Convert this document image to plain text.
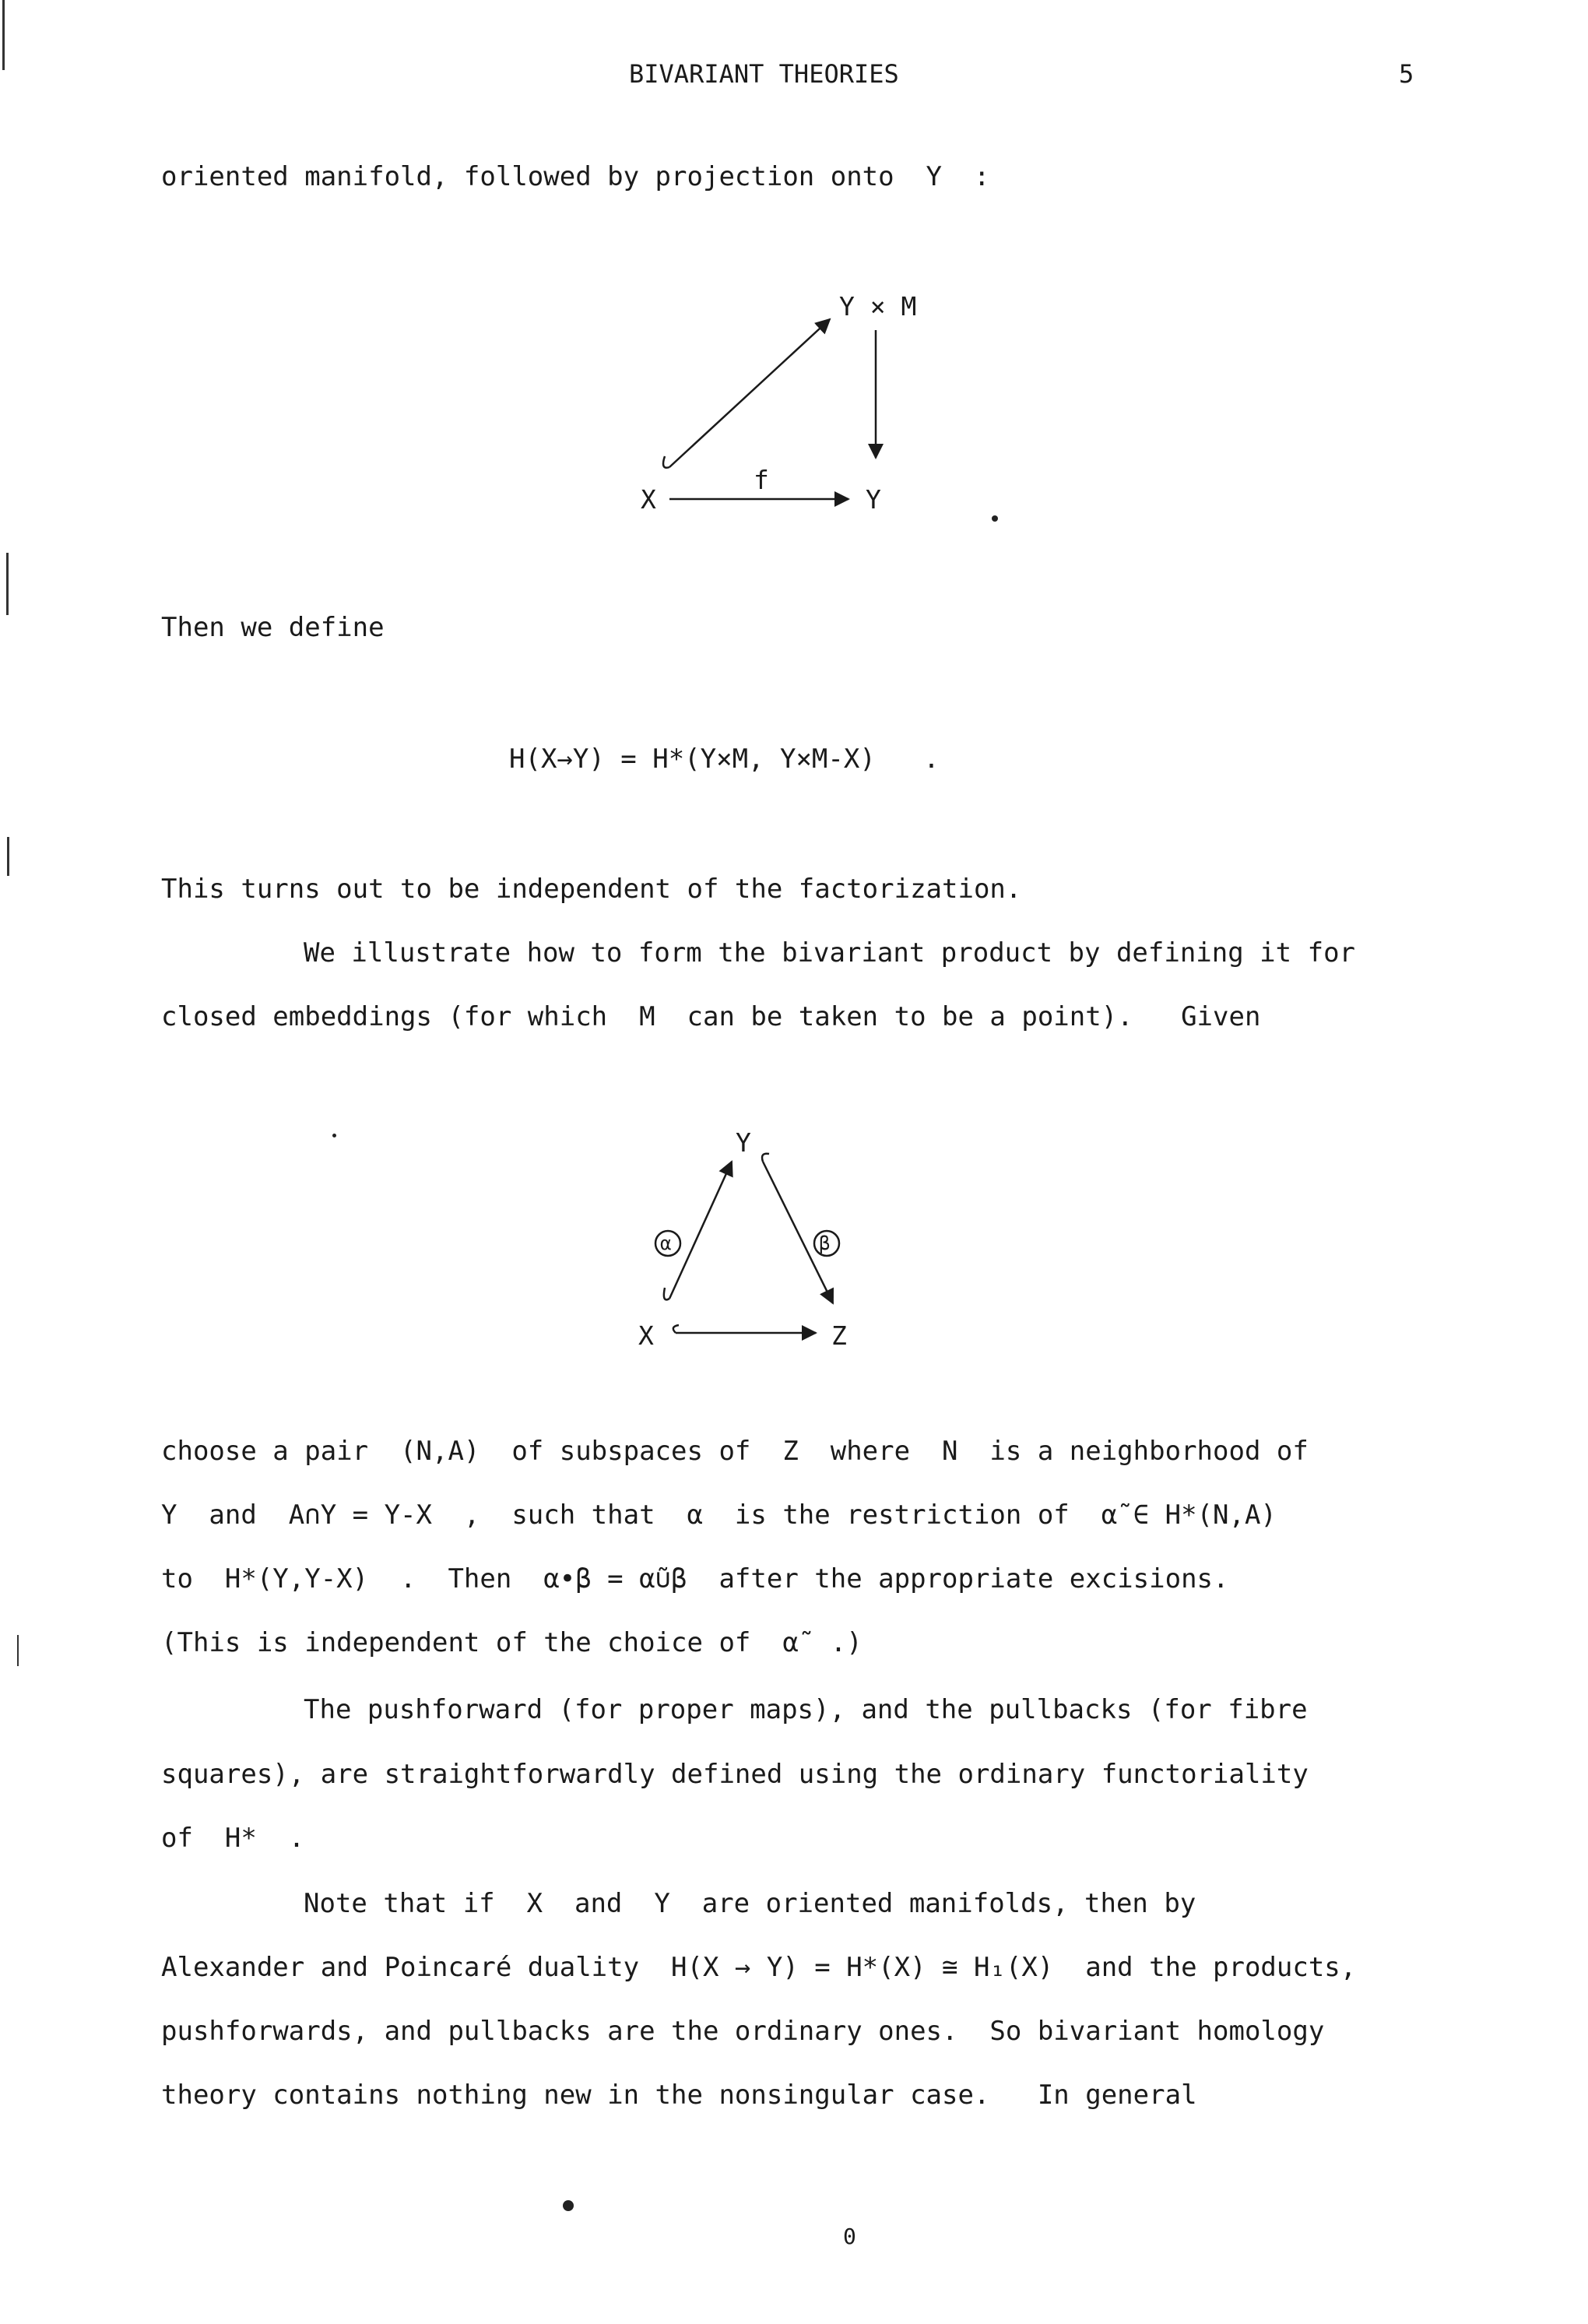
BIVARIANT THEORIES	5
oriented manifold, followed by projection onto  Y  :
Y × M
X	Y
f
Then we define
H(X→Y) = H*(Y×M, Y×M-X)   .
This turns out to be independent of the factorization.
We illustrate how to form the bivariant product by defining it for
closed embeddings (for which  M  can be taken to be a point).   Given
Y
X	Z
α	β
choose a pair  (N,A)  of subspaces of  Z  where  N  is a neighborhood of
Y  and  A∩Y = Y-X  ,  such that  α  is the restriction of  α̃ ∈ H*(N,A)
to  H*(Y,Y-X)  .  Then  α•β = α̃∪β  after the appropriate excisions.
(This is independent of the choice of  α̃  .)
The pushforward (for proper maps), and the pullbacks (for fibre
squares), are straightforwardly defined using the ordinary functoriality
of  H*  .
Note that if  X  and  Y  are oriented manifolds, then by
Alexander and Poincaré duality  H(X → Y) = H*(X) ≅ H₁(X)  and the products,
pushforwards, and pullbacks are the ordinary ones.  So bivariant homology
theory contains nothing new in the nonsingular case.   In general
0
